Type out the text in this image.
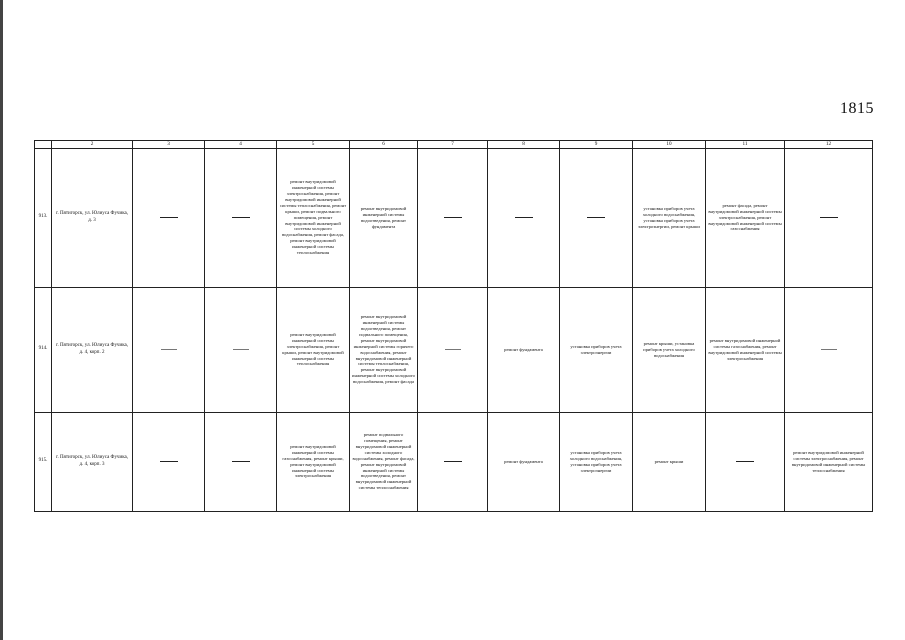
1815
	2	3	4	5	6	7	8	9	10	11	12
913.	г. Пятигорск, ул. Юлиуса Фучика, д. 3			ремонт внутридомовой инженерной системы электроснабжения, ремонт внутридомовой инженерной системы теплоснабжения, ремонт крыши, ремонт подвального помещения, ремонт внутридомовой инженерной системы холодного водоснабжения, ремонт фасада, ремонт внутридомовой инженерной системы теплоснабжения	ремонт внутридомовой инженерной системы водоотведения, ремонт фундамента				установка приборов учета холодного водоснабжения, установка приборов учета электроэнергии, ремонт крыши	ремонт фасада, ремонт внутридомовой инженерной системы электроснабжения, ремонт внутридомовой инженерной системы газоснабжения	
914.	г. Пятигорск, ул. Юлиуса Фучика, д. 4, корп. 2			ремонт внутридомовой инженерной системы электроснабжения, ремонт крыши, ремонт внутридомовой инженерной системы теплоснабжения	ремонт внутридомовой инженерной системы водоотведения, ремонт подвального помещения, ремонт внутридомовой инженерной системы горячего водоснабжения, ремонт внутридомовой инженерной системы теплоснабжения, ремонт внутридомовой инженерной системы холодного водоснабжения, ремонт фасада		ремонт фундамента	установка приборов учета электроэнергии	ремонт крыши, установка приборов учета холодного водоснабжения	ремонт внутридомовой инженерной системы газоснабжения, ремонт внутридомовой инженерной системы электроснабжения	
915.	г. Пятигорск, ул. Юлиуса Фучика, д. 4, корп. 3			ремонт внутридомовой инженерной системы газоснабжения, ремонт крыши, ремонт внутридомовой инженерной системы электроснабжения	ремонт подвального помещения, ремонт внутридомовой инженерной системы холодного водоснабжения, ремонт фасада, ремонт внутридомовой инженерной системы водоотведения, ремонт внутридомовой инженерной системы теплоснабжения		ремонт фундамента	установка приборов учета холодного водоснабжения, установка приборов учета электроэнергии	ремонт крыши		ремонт внутридомовой инженерной системы электроснабжения, ремонт внутридомовой инженерной системы теплоснабжения
